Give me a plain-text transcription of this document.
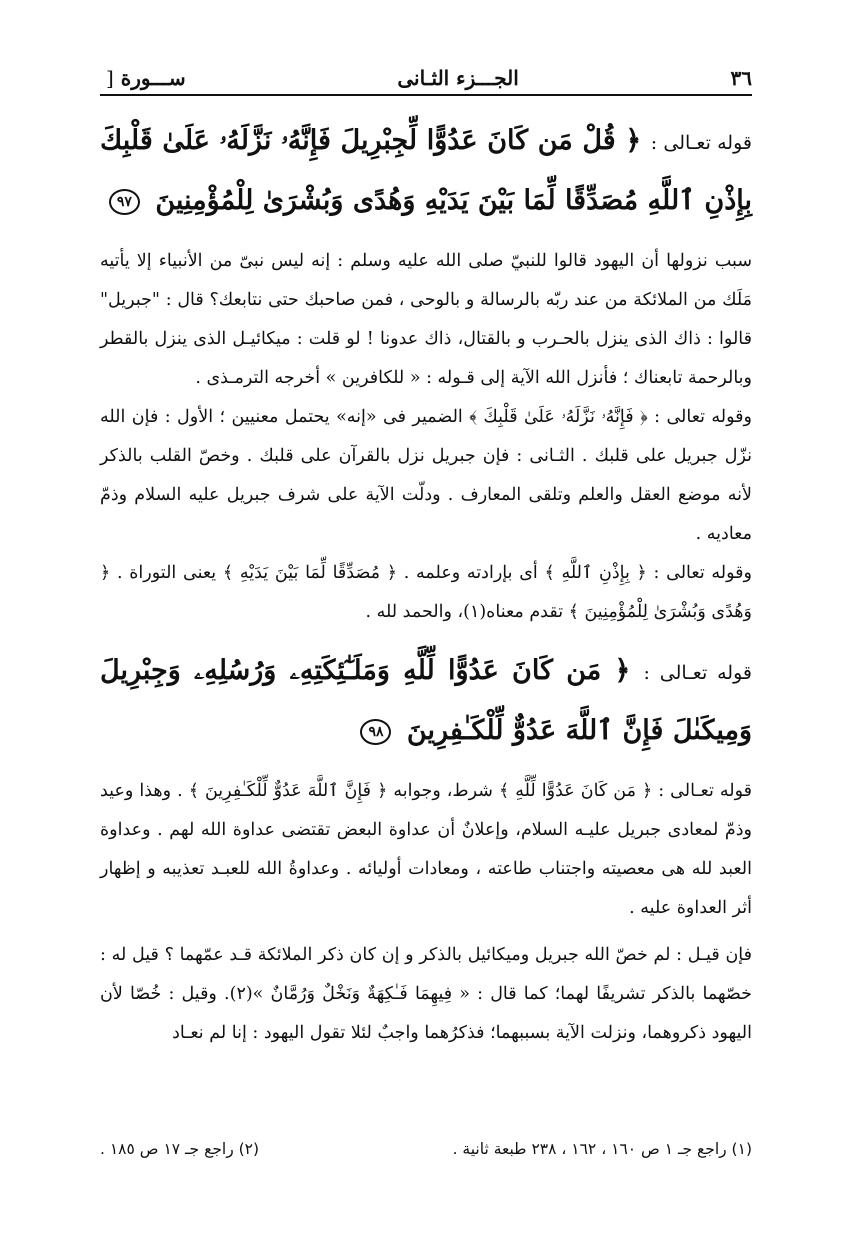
٣٦
الجـــزء الثـانى
ســـورة [

قوله تعـالى : ﴿ قُلْ مَن كَانَ عَدُوًّا لِّجِبْرِيلَ فَإِنَّهُۥ نَزَّلَهُۥ عَلَىٰ قَلْبِكَ بِإِذْنِ ٱللَّهِ مُصَدِّقًا لِّمَا بَيْنَ يَدَيْهِ وَهُدًى وَبُشْرَىٰ لِلْمُؤْمِنِينَ ٩٧

سبب نزولها أن اليهود قالوا للنبيّ صلى الله عليه وسلم : إنه ليس نبىّ من الأنبياء إلا يأتيه مَلَك من الملائكة من عند ربّه بالرسالة و بالوحى ، فمن صاحبك حتى نتابعك؟ قال : "جبريل" قالوا : ذاك الذى ينزل بالحـرب و بالقتال، ذاك عدونا ! لو قلت : ميكائيـل الذى ينزل بالقطر وبالرحمة تابعناك ؛ فأنزل الله الآية إلى قـوله : « للكافرين » أخرجه الترمـذى .

وقوله تعالى : ﴿ فَإِنَّهُۥ نَزَّلَهُۥ عَلَىٰ قَلْبِكَ ﴾ الضمير فى «إنه» يحتمل معنيين ؛ الأول : فإن الله نزّل جبريل على قلبك . الثـانى : فإن جبريل نزل بالقرآن على قلبك . وخصّ القلب بالذكر لأنه موضع العقل والعلم وتلقى المعارف . ودلّت الآية على شرف جبريل عليه السلام وذمّ معاديه .

وقوله تعالى : ﴿ بِإِذْنِ ٱللَّهِ ﴾ أى بإرادته وعلمه . ﴿ مُصَدِّقًا لِّمَا بَيْنَ يَدَيْهِ ﴾ يعنى التوراة . ﴿ وَهُدًى وَبُشْرَىٰ لِلْمُؤْمِنِينَ ﴾ تقدم معناه(١)، والحمد لله .

قوله تعـالى : ﴿ مَن كَانَ عَدُوًّا لِّلَّهِ وَمَلَـٰٓئِكَتِهِۦ وَرُسُلِهِۦ وَجِبْرِيلَ وَمِيكَىٰلَ فَإِنَّ ٱللَّهَ عَدُوٌّ لِّلْكَـٰفِرِينَ ٩٨

قوله تعـالى : ﴿ مَن كَانَ عَدُوًّا لِّلَّهِ ﴾ شرط، وجوابه ﴿ فَإِنَّ ٱللَّهَ عَدُوٌّ لِّلْكَـٰفِرِينَ ﴾ . وهذا وعيد وذمّ لمعادى جبريل عليـه السلام، وإعلانٌ أن عداوة البعض تقتضى عداوة الله لهم . وعداوة العبد لله هى معصيته واجتناب طاعته ، ومعادات أوليائه . وعداوةُ الله للعبـد تعذيبه و إظهار أثر العداوة عليه .

فإن قيـل : لم خصّ الله جبريل وميكائيل بالذكر و إن كان ذكر الملائكة قـد عمّهما ؟ قيل له : خصّهما بالذكر تشريفًا لهما؛ كما قال : « فِيهِمَا فَـٰكِهَةٌ وَنَخْلٌ وَرُمَّانٌ »(٢). وقيل : خُصّا لأن اليهود ذكروهما، ونزلت الآية بسببهما؛ فذكرُهما واجبٌ لئلا تقول اليهود : إنا لم نعـاد

(١) راجع جـ ١ ص ١٦٠ ، ١٦٢ ، ٢٣٨ طبعة ثانية .
(٢) راجع جـ ١٧ ص ١٨٥ .
